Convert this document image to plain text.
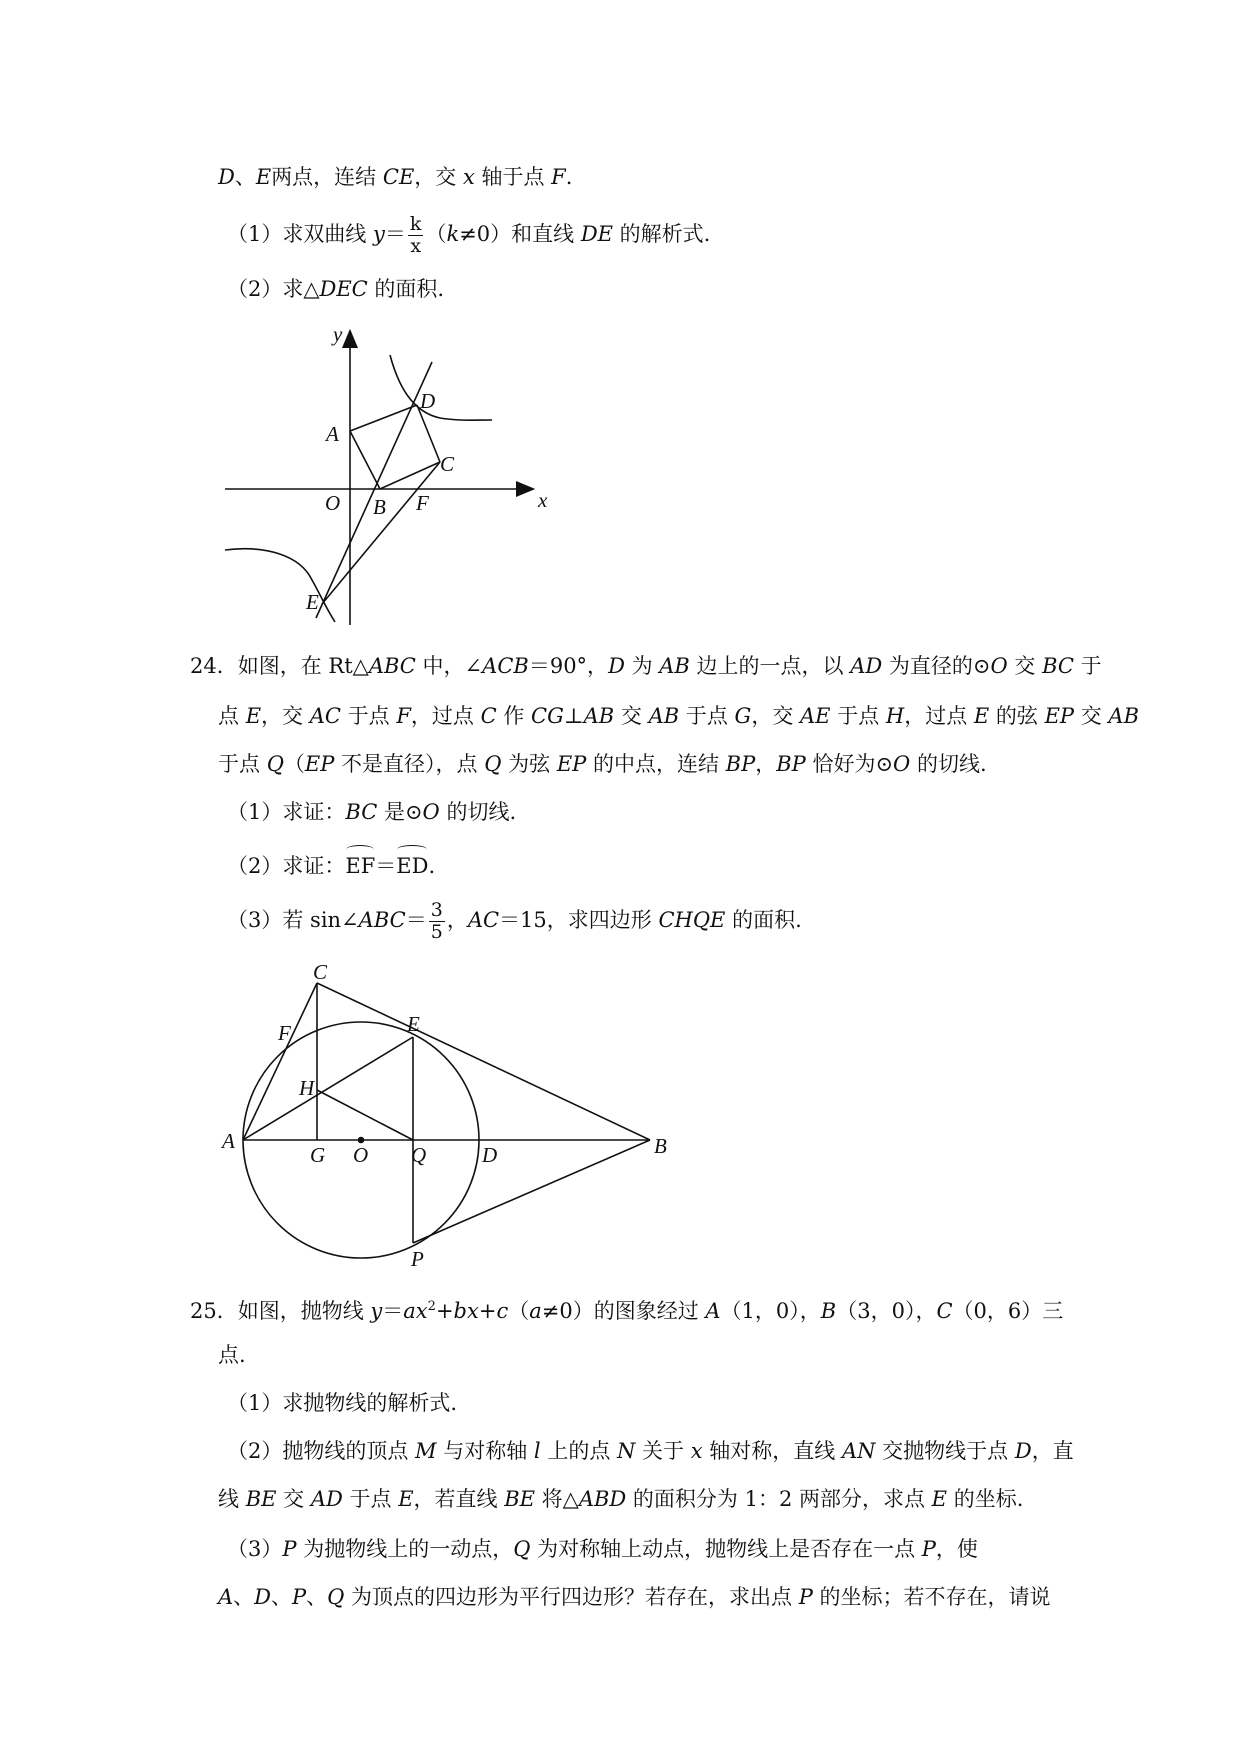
D、E两点，连结 CE，交 x 轴于点 F.
（1）求双曲线 $y= \frac{k}{x} (k\ne 0)$和直线 DE 的解析式.
（2）求△DEC 的面积.
24．如图，在 Rt△ABC 中，∠ACB＝90°，D 为 AB 边上的一点，以 AD 为直径的⊙O 交 BC 于
点 E，交 AC 于点 F，过点 C 作 CG⊥AB 交 AB 于点 G，交 AE 于点 H，过点 E 的弦 EP 交 AB
于点 Q（EP 不是直径），点 Q 为弦 EP 的中点，连结 BP，BP 恰好为⊙O 的切线.
（1）求证：BC 是⊙O 的切线.
（2）求证：EF＝ED.
（3）若 sin∠ABC＝ $\frac{3}{5}$ ，AC＝15，求四边形 CHQE 的面积.
25．如图，抛物线 $y=ax^2+bx+c(a\ne 0)$的图象经过 A（1，0），B（3，0），C（0，6）三
点.
（1）求抛物线的解析式.
（2）抛物线的顶点 M 与对称轴 l 上的点 N 关于 x 轴对称，直线 AN 交抛物线于点 D，直
线 BE 交 AD 于点 E，若直线 BE 将△ABD 的面积分为 1：2 两部分，求点 E 的坐标.
（3）P 为抛物线上的一动点，Q 为对称轴上动点，抛物线上是否存在一点 P，使
A、D、P、Q 为顶点的四边形为平行四边形？若存在，求出点 P 的坐标；若不存在，请说
y
x
A
O B F
C
D
E
C
F	E
H
A
G O Q	D	B
P
